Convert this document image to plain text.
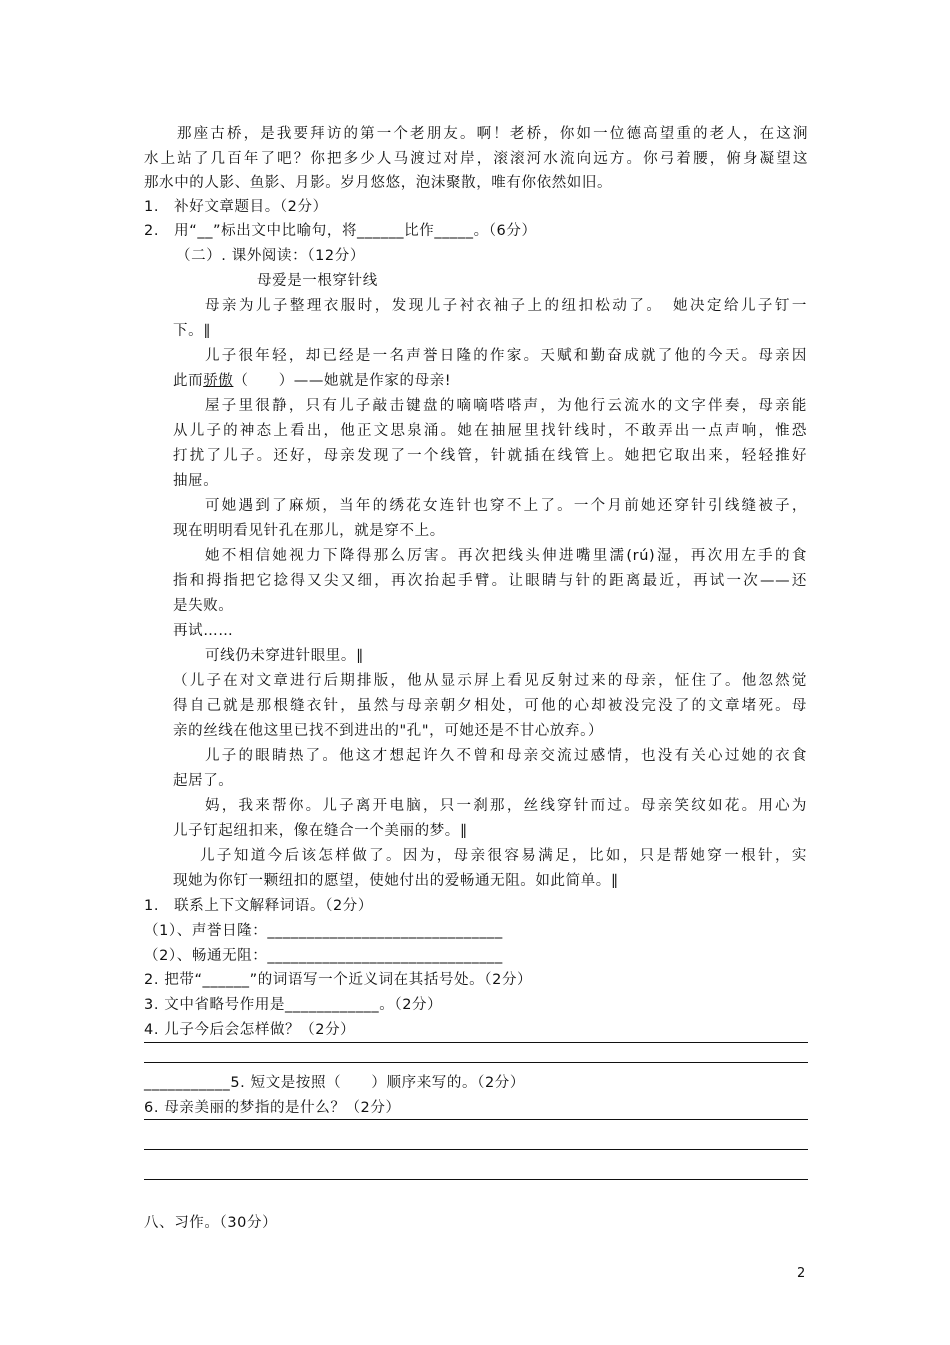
那座古桥，是我要拜访的第一个老朋友。啊！老桥，你如一位德高望重的老人，在这涧
水上站了几百年了吧？你把多少人马渡过对岸，滚滚河水流向远方。你弓着腰，俯身凝望这
那水中的人影、鱼影、月影。岁月悠悠，泡沫聚散，唯有你依然如旧。
1.　补好文章题目。（2分）
2.　用“__”标出文中比喻句，将______比作_____。（6分）
（二）. 课外阅读：（12分）
母爱是一根穿针线
母亲为儿子整理衣服时，发现儿子衬衣袖子上的纽扣松动了。　她决定给儿子钉一
下。∥
儿子很年轻，却已经是一名声誉日隆的作家。天赋和勤奋成就了他的今天。母亲因
此而骄傲（　　）——她就是作家的母亲!
屋子里很静，只有儿子敲击键盘的嘀嘀嗒嗒声，为他行云流水的文字伴奏，母亲能
从儿子的神态上看出，他正文思泉涌。她在抽屉里找针线时，不敢弄出一点声响，惟恐
打扰了儿子。还好，母亲发现了一个线管，针就插在线管上。她把它取出来，轻轻推好
抽屉。
可她遇到了麻烦，当年的绣花女连针也穿不上了。一个月前她还穿针引线缝被子，
现在明明看见针孔在那儿，就是穿不上。
她不相信她视力下降得那么厉害。再次把线头伸进嘴里濡(rú)湿，再次用左手的食
指和拇指把它捻得又尖又细，再次抬起手臂。让眼睛与针的距离最近，再试一次——还
是失败。
再试……
可线仍未穿进针眼里。∥
（儿子在对文章进行后期排版，他从显示屏上看见反射过来的母亲，怔住了。他忽然觉
得自己就是那根缝衣针，虽然与母亲朝夕相处，可他的心却被没完没了的文章堵死。母
亲的丝线在他这里已找不到进出的"孔"，可她还是不甘心放弃。）
儿子的眼睛热了。他这才想起许久不曾和母亲交流过感情，也没有关心过她的衣食
起居了。
妈，我来帮你。儿子离开电脑，只一刹那，丝线穿针而过。母亲笑纹如花。用心为
儿子钉起纽扣来，像在缝合一个美丽的梦。∥
儿子知道今后该怎样做了。因为，母亲很容易满足，比如，只是帮她穿一根针，实
现她为你钉一颗纽扣的愿望，使她付出的爱畅通无阻。如此简单。∥
1.　联系上下文解释词语。（2分）
（1）、声誉日隆：______________________________
（2）、畅通无阻：______________________________
2. 把带“______”的词语写一个近义词在其括号处。（2分）
3. 文中省略号作用是____________。（2分）
4. 儿子今后会怎样做？（2分）
___________5. 短文是按照（　　）顺序来写的。（2分）
6. 母亲美丽的梦指的是什么？（2分）
八、习作。（30分）
2
